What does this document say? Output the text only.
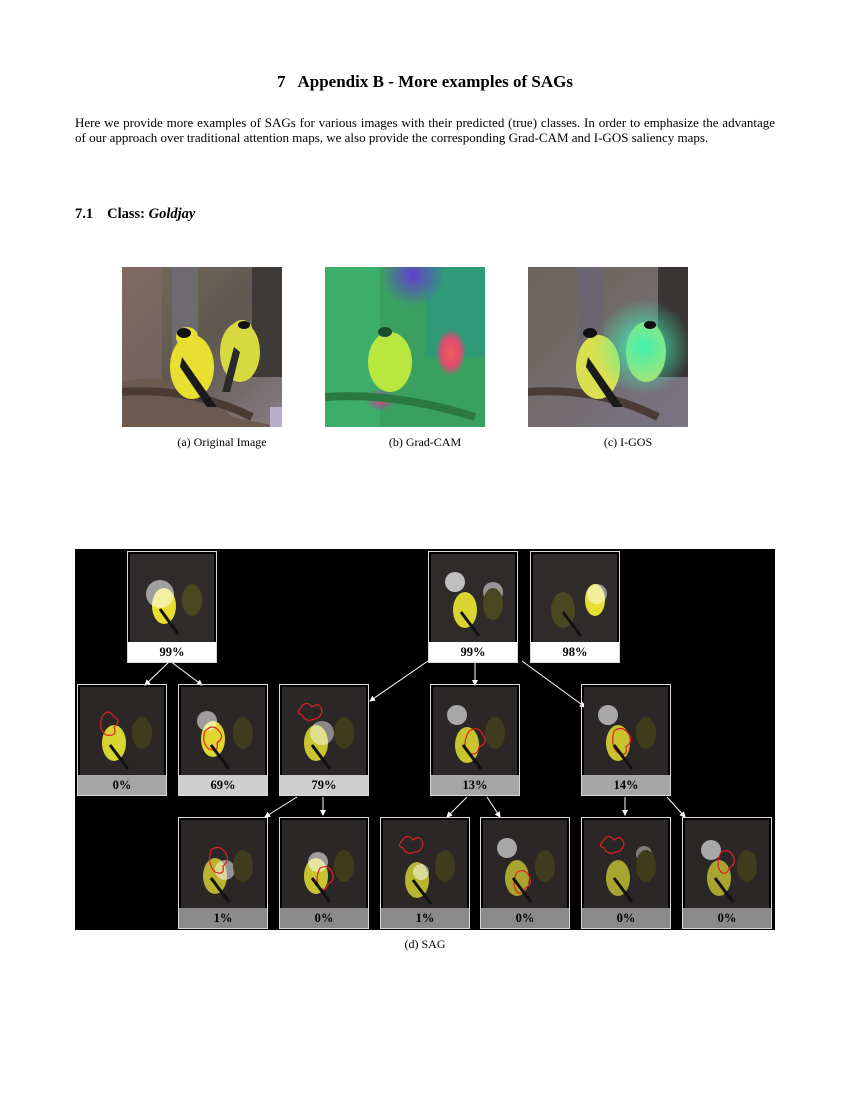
7 Appendix B - More examples of SAGs
Here we provide more examples of SAGs for various images with their predicted (true) classes. In order to emphasize the advantage of our approach over traditional attention maps, we also provide the corresponding Grad-CAM and I-GOS saliency maps.
7.1 Class: Goldjay
(a) Original Image	(b) Grad-CAM	(c) I-GOS
99%	99%	98%
0%	69%	79%	13%	14%
1%	0%	1%	0%	0%	0%
(d) SAG
